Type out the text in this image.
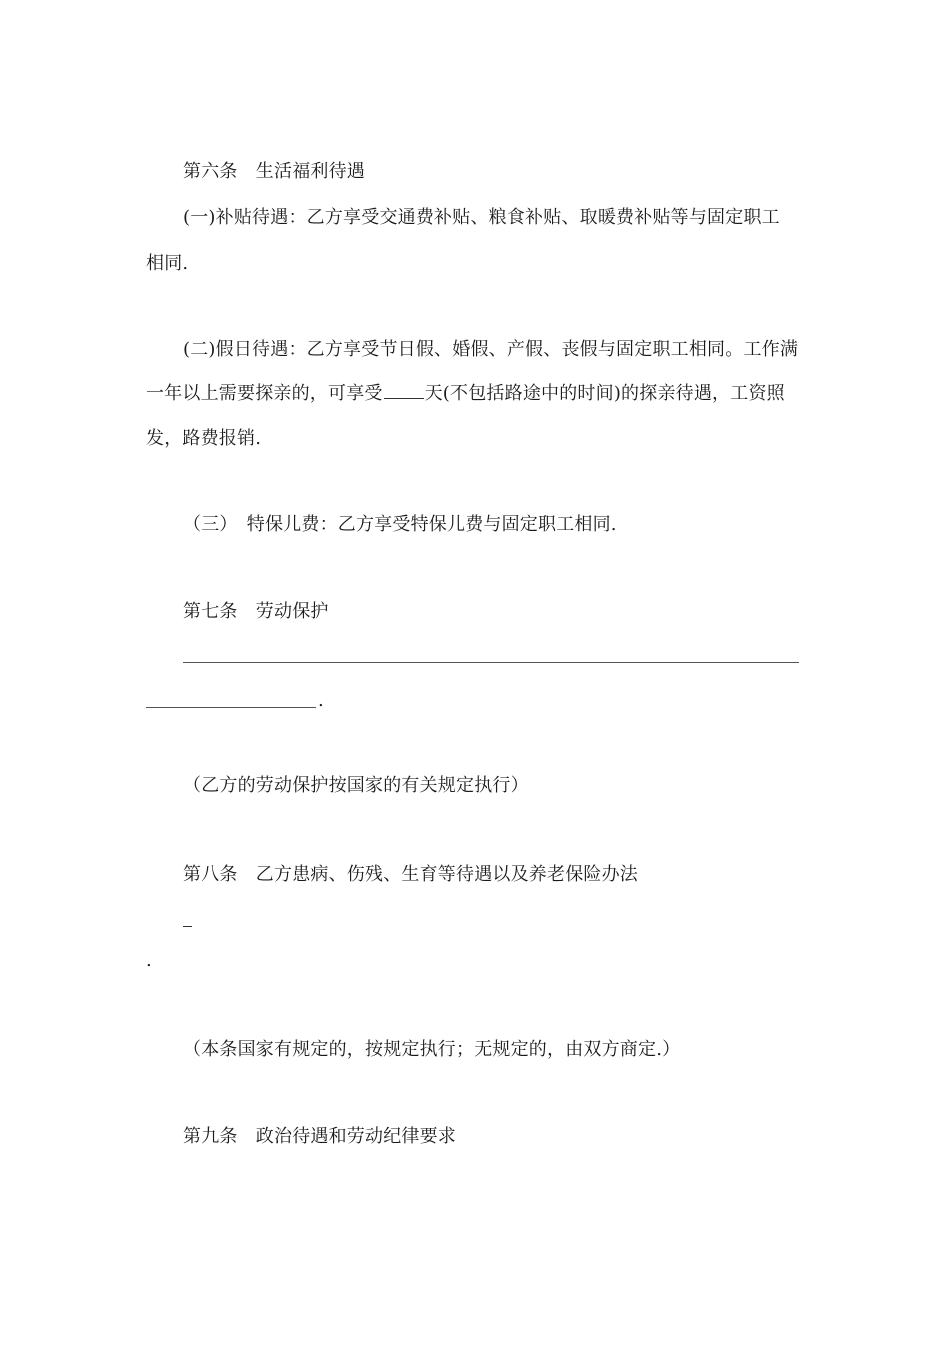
第六条　生活福利待遇
(一)补贴待遇：乙方享受交通费补贴、粮食补贴、取暖费补贴等与固定职工
相同.
(二)假日待遇：乙方享受节日假、婚假、产假、丧假与固定职工相同。工作满
一年以上需要探亲的，可享受 天(不包括路途中的时间)的探亲待遇，工资照
发，路费报销.
（三）　特保儿费：乙方享受特保儿费与固定职工相同.
第七条　劳动保护
.
（乙方的劳动保护按国家的有关规定执行）
第八条　乙方患病、伤残、生育等待遇以及养老保险办法
.
（本条国家有规定的，按规定执行；无规定的，由双方商定.）
第九条　政治待遇和劳动纪律要求
